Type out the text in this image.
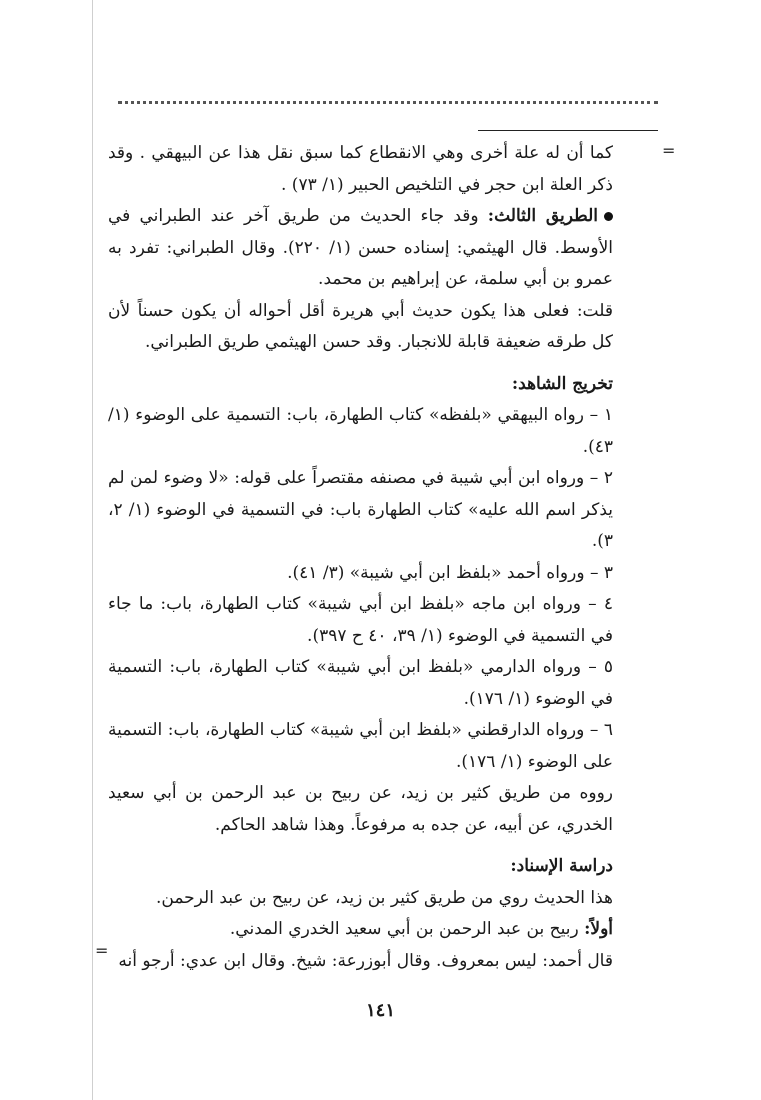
=
=

كما أن له علة أخرى وهي الانقطاع كما سبق نقل هذا عن البيهقي . وقد ذكر العلة ابن حجر في التلخيص الحبير (١/ ٧٣) .

الطريق الثالث: وقد جاء الحديث من طريق آخر عند الطبراني في الأوسط. قال الهيثمي: إسناده حسن (١/ ٢٢٠). وقال الطبراني: تفرد به عمرو بن أبي سلمة، عن إبراهيم بن محمد.

قلت: فعلى هذا يكون حديث أبي هريرة أقل أحواله أن يكون حسناً لأن كل طرقه ضعيفة قابلة للانجبار. وقد حسن الهيثمي طريق الطبراني.

تخريج الشاهد:

١ – رواه البيهقي «بلفظه» كتاب الطهارة، باب: التسمية على الوضوء (١/ ٤٣).

٢ – ورواه ابن أبي شيبة في مصنفه مقتصراً على قوله: «لا وضوء لمن لم يذكر اسم الله عليه» كتاب الطهارة باب: في التسمية في الوضوء (١/ ٢، ٣).

٣ – ورواه أحمد «بلفظ ابن أبي شيبة» (٣/ ٤١).

٤ – ورواه ابن ماجه «بلفظ ابن أبي شيبة» كتاب الطهارة، باب: ما جاء في التسمية في الوضوء (١/ ٣٩، ٤٠ ح ٣٩٧).

٥ – ورواه الدارمي «بلفظ ابن أبي شيبة» كتاب الطهارة، باب: التسمية في الوضوء (١/ ١٧٦).

٦ – ورواه الدارقطني «بلفظ ابن أبي شيبة» كتاب الطهارة، باب: التسمية على الوضوء (١/ ١٧٦).

رووه من طريق كثير بن زيد، عن ربيح بن عبد الرحمن بن أبي سعيد الخدري، عن أبيه، عن جده به مرفوعاً. وهذا شاهد الحاكم.

دراسة الإسناد:

هذا الحديث روي من طريق كثير بن زيد، عن ربيح بن عبد الرحمن.

أولاً: ربيح بن عبد الرحمن بن أبي سعيد الخدري المدني.

قال أحمد: ليس بمعروف. وقال أبوزرعة: شيخ. وقال ابن عدي: أرجو أنه

١٤١
